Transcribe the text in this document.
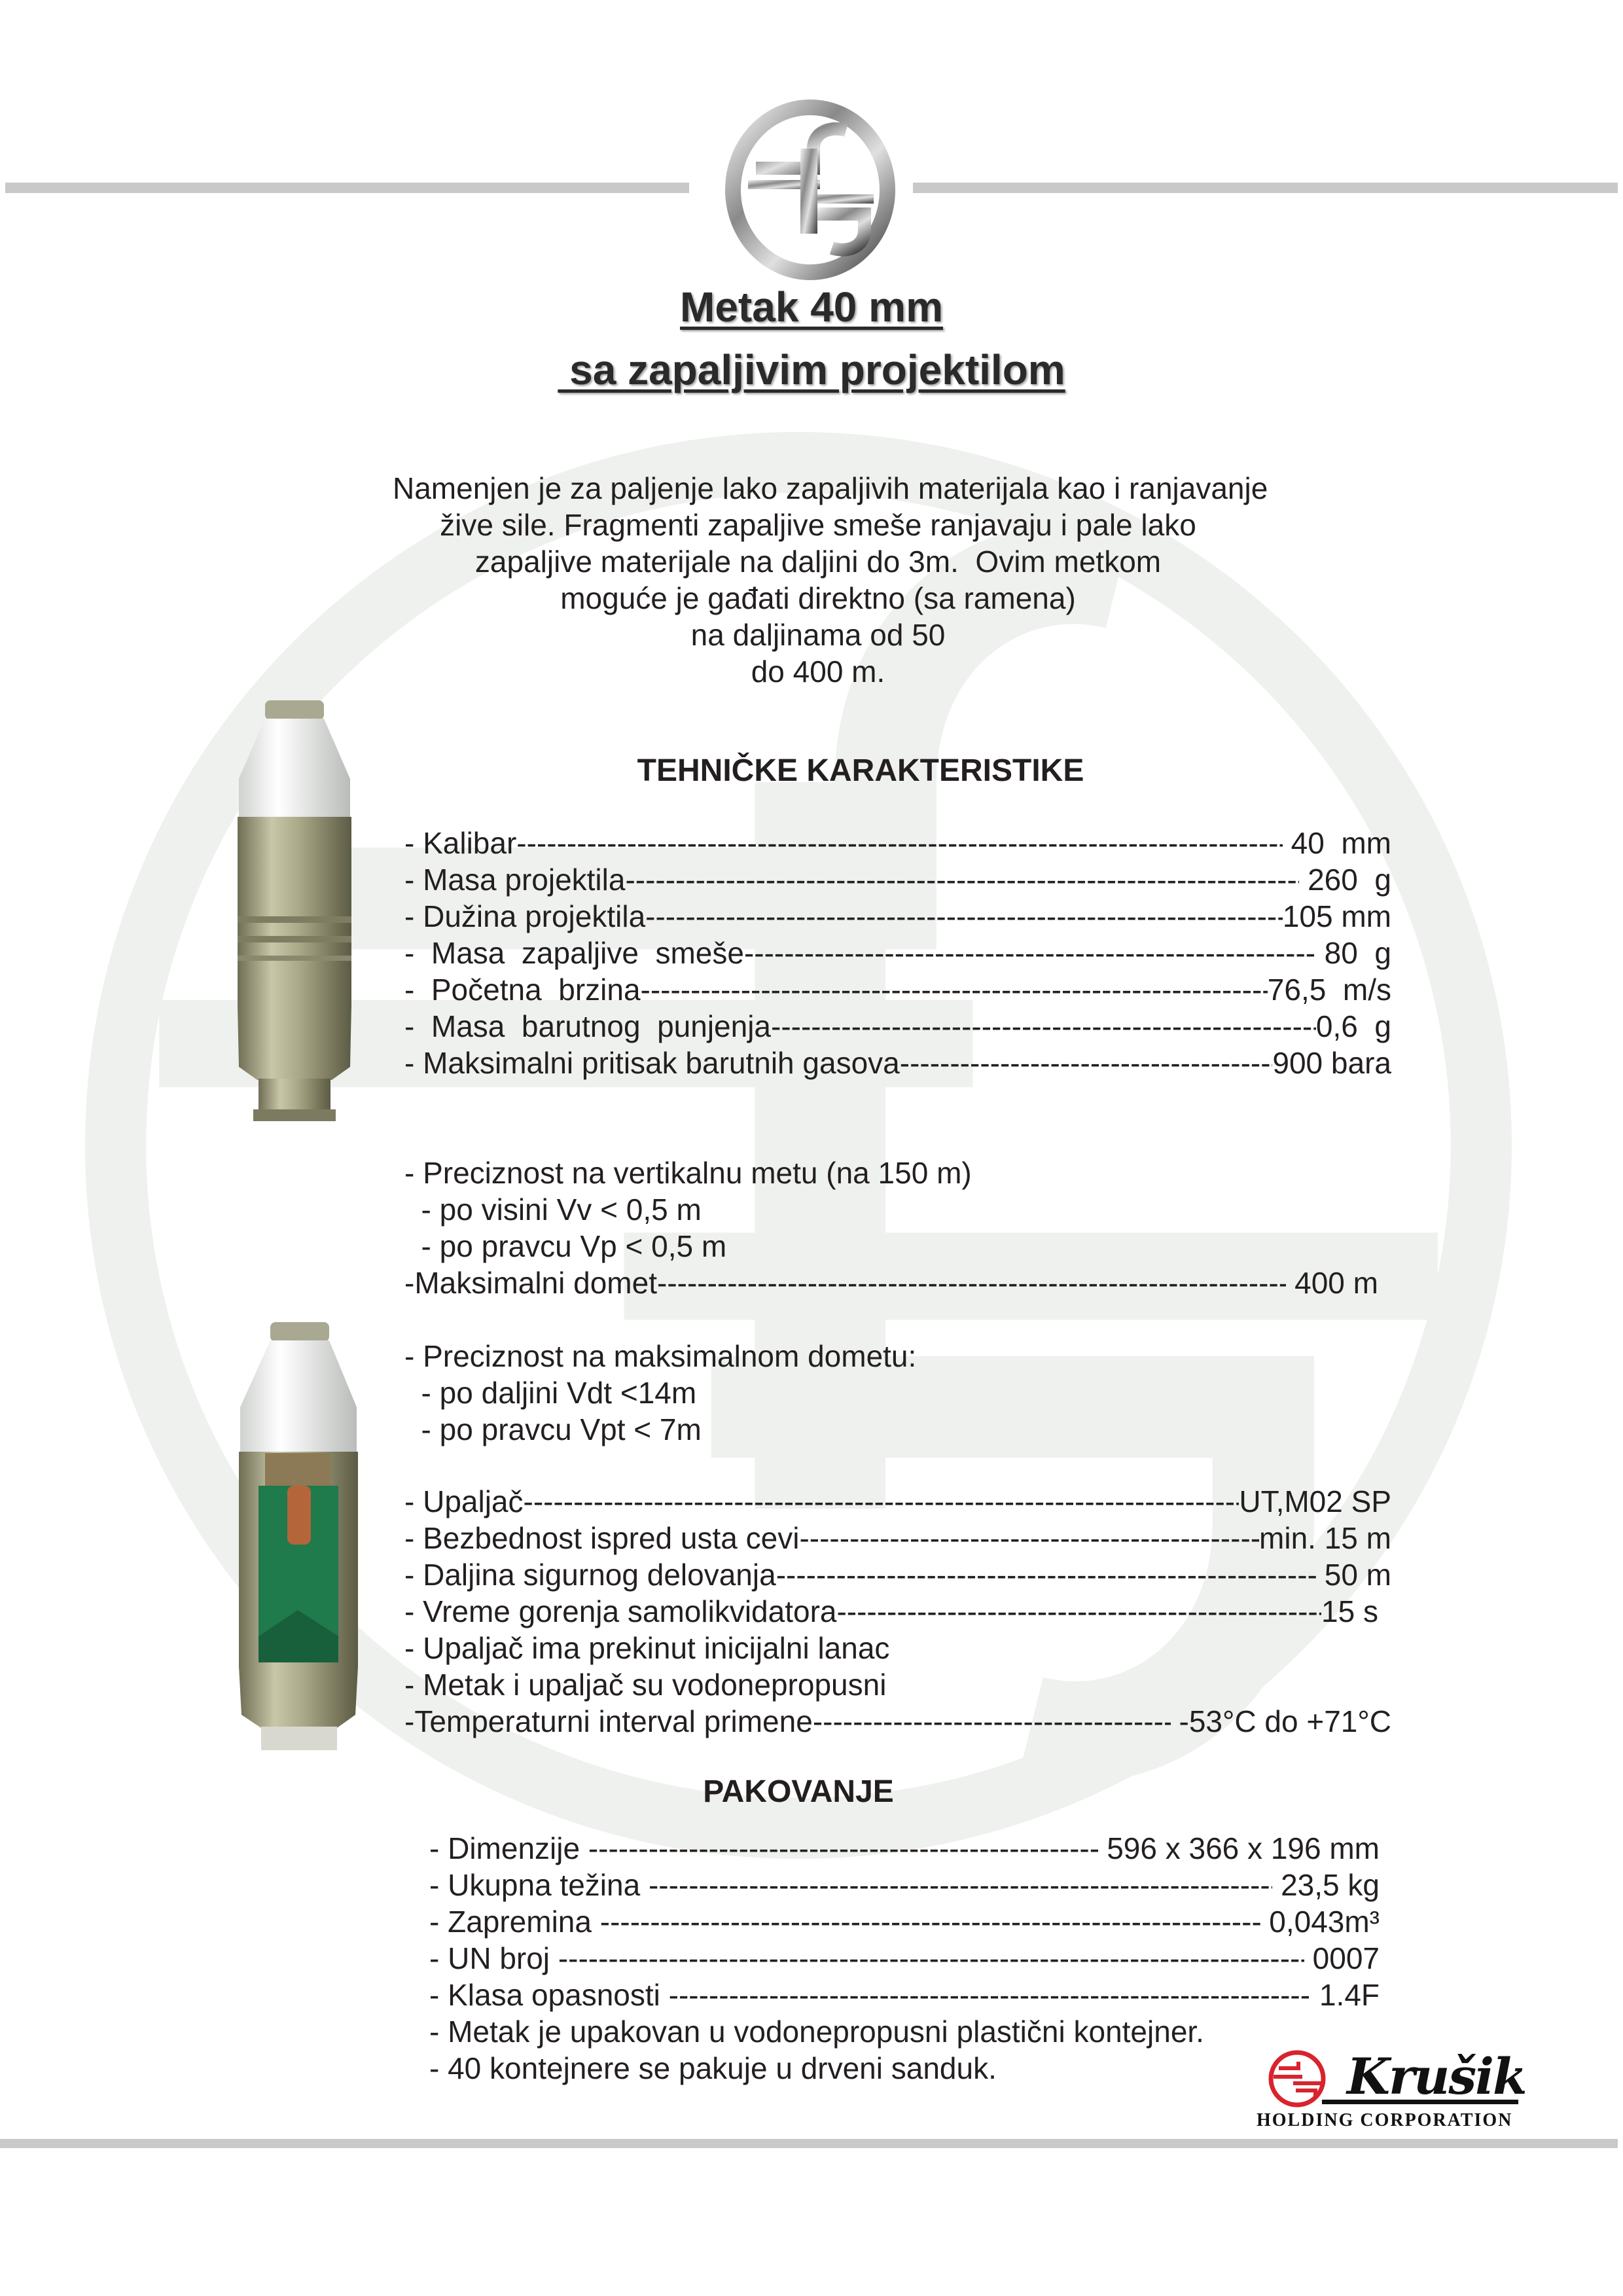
Metak 40 mm
sa zapaljivim projektilom
Namenjen je za paljenje lako zapaljivih materijala kao i ranjavanje
žive sile. Fragmenti zapaljive smeše ranjavaju i pale lako
zapaljive materijale na daljini do 3m.  Ovim metkom
moguće je gađati direktno (sa ramena)
na daljinama od 50
do 400 m.
TEHNIČKE KARAKTERISTIKE
- Kalibar -----	40  mm
- Masa projektila -----	260  g
- Dužina projektila -----	105 mm
-  Masa  zapaljive  smeše -----	80  g
-  Početna  brzina -----	76,5  m/s
-  Masa  barutnog  punjenja -----	0,6  g
- Maksimalni pritisak barutnih gasova -----	900 bara
- Preciznost na vertikalnu metu (na 150 m)
- po visini Vv < 0,5 m
- po pravcu Vp < 0,5 m
-Maksimalni domet -----	400 m
- Preciznost na maksimalnom dometu:
- po daljini Vdt <14m
- po pravcu Vpt < 7m
- Upaljač -----	UT,M02 SP
- Bezbednost ispred usta cevi -----	min. 15 m
- Daljina sigurnog delovanja -----	50 m
- Vreme gorenja samolikvidatora -----	15 s
- Upaljač ima prekinut inicijalni lanac
- Metak i upaljač su vodonepropusni
-Temperaturni interval primene -----	-53°C do +71°C
PAKOVANJE
- Dimenzije -----	596 x 366 x 196 mm
- Ukupna težina -----	23,5 kg
- Zapremina -----	0,043m³
- UN broj -----	0007
- Klasa opasnosti -----	1.4F
- Metak je upakovan u vodonepropusni plastični kontejner.
- 40 kontejnere se pakuje u drveni sanduk.	Krušik
HOLDING CORPORATION
